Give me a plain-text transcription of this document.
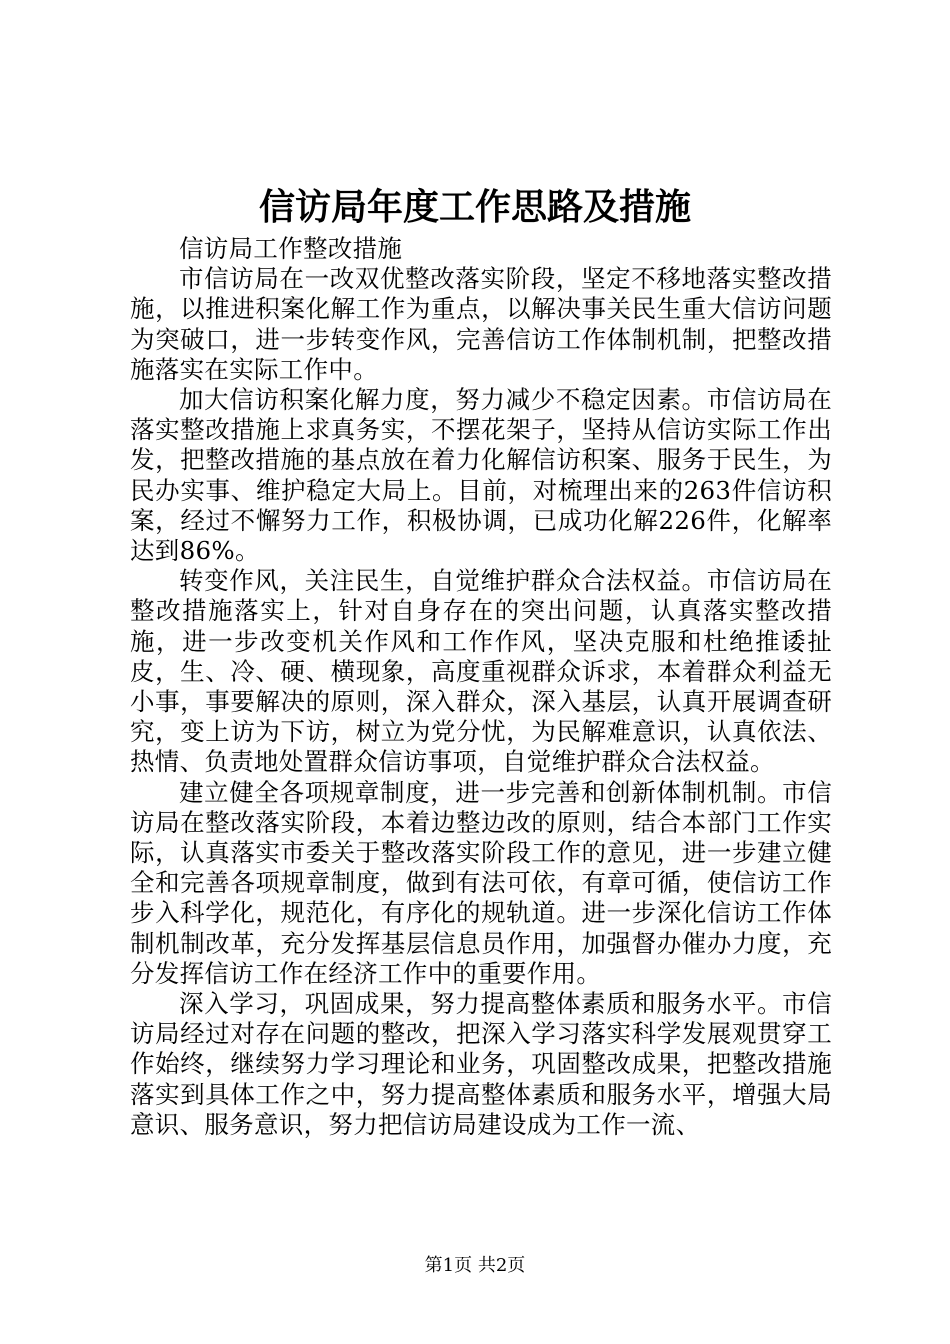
信访局年度工作思路及措施

信访局工作整改措施

市信访局在一改双优整改落实阶段，坚定不移地落实整改措施，以推进积案化解工作为重点，以解决事关民生重大信访问题为突破口，进一步转变作风，完善信访工作体制机制，把整改措施落实在实际工作中。

加大信访积案化解力度，努力减少不稳定因素。市信访局在落实整改措施上求真务实，不摆花架子，坚持从信访实际工作出发，把整改措施的基点放在着力化解信访积案、服务于民生，为民办实事、维护稳定大局上。目前，对梳理出来的263件信访积案，经过不懈努力工作，积极协调，已成功化解226件，化解率达到86%。

转变作风，关注民生，自觉维护群众合法权益。市信访局在整改措施落实上，针对自身存在的突出问题，认真落实整改措施，进一步改变机关作风和工作作风，坚决克服和杜绝推诿扯皮，生、冷、硬、横现象，高度重视群众诉求，本着群众利益无小事，事要解决的原则，深入群众，深入基层，认真开展调查研究，变上访为下访，树立为党分忧，为民解难意识，认真依法、热情、负责地处置群众信访事项，自觉维护群众合法权益。

建立健全各项规章制度，进一步完善和创新体制机制。市信访局在整改落实阶段，本着边整边改的原则，结合本部门工作实际，认真落实市委关于整改落实阶段工作的意见，进一步建立健全和完善各项规章制度，做到有法可依，有章可循，使信访工作步入科学化，规范化，有序化的规轨道。进一步深化信访工作体制机制改革，充分发挥基层信息员作用，加强督办催办力度，充分发挥信访工作在经济工作中的重要作用。

深入学习，巩固成果，努力提高整体素质和服务水平。市信访局经过对存在问题的整改，把深入学习落实科学发展观贯穿工作始终，继续努力学习理论和业务，巩固整改成果，把整改措施落实到具体工作之中，努力提高整体素质和服务水平，增强大局意识、服务意识，努力把信访局建设成为工作一流、

第1页 共2页
